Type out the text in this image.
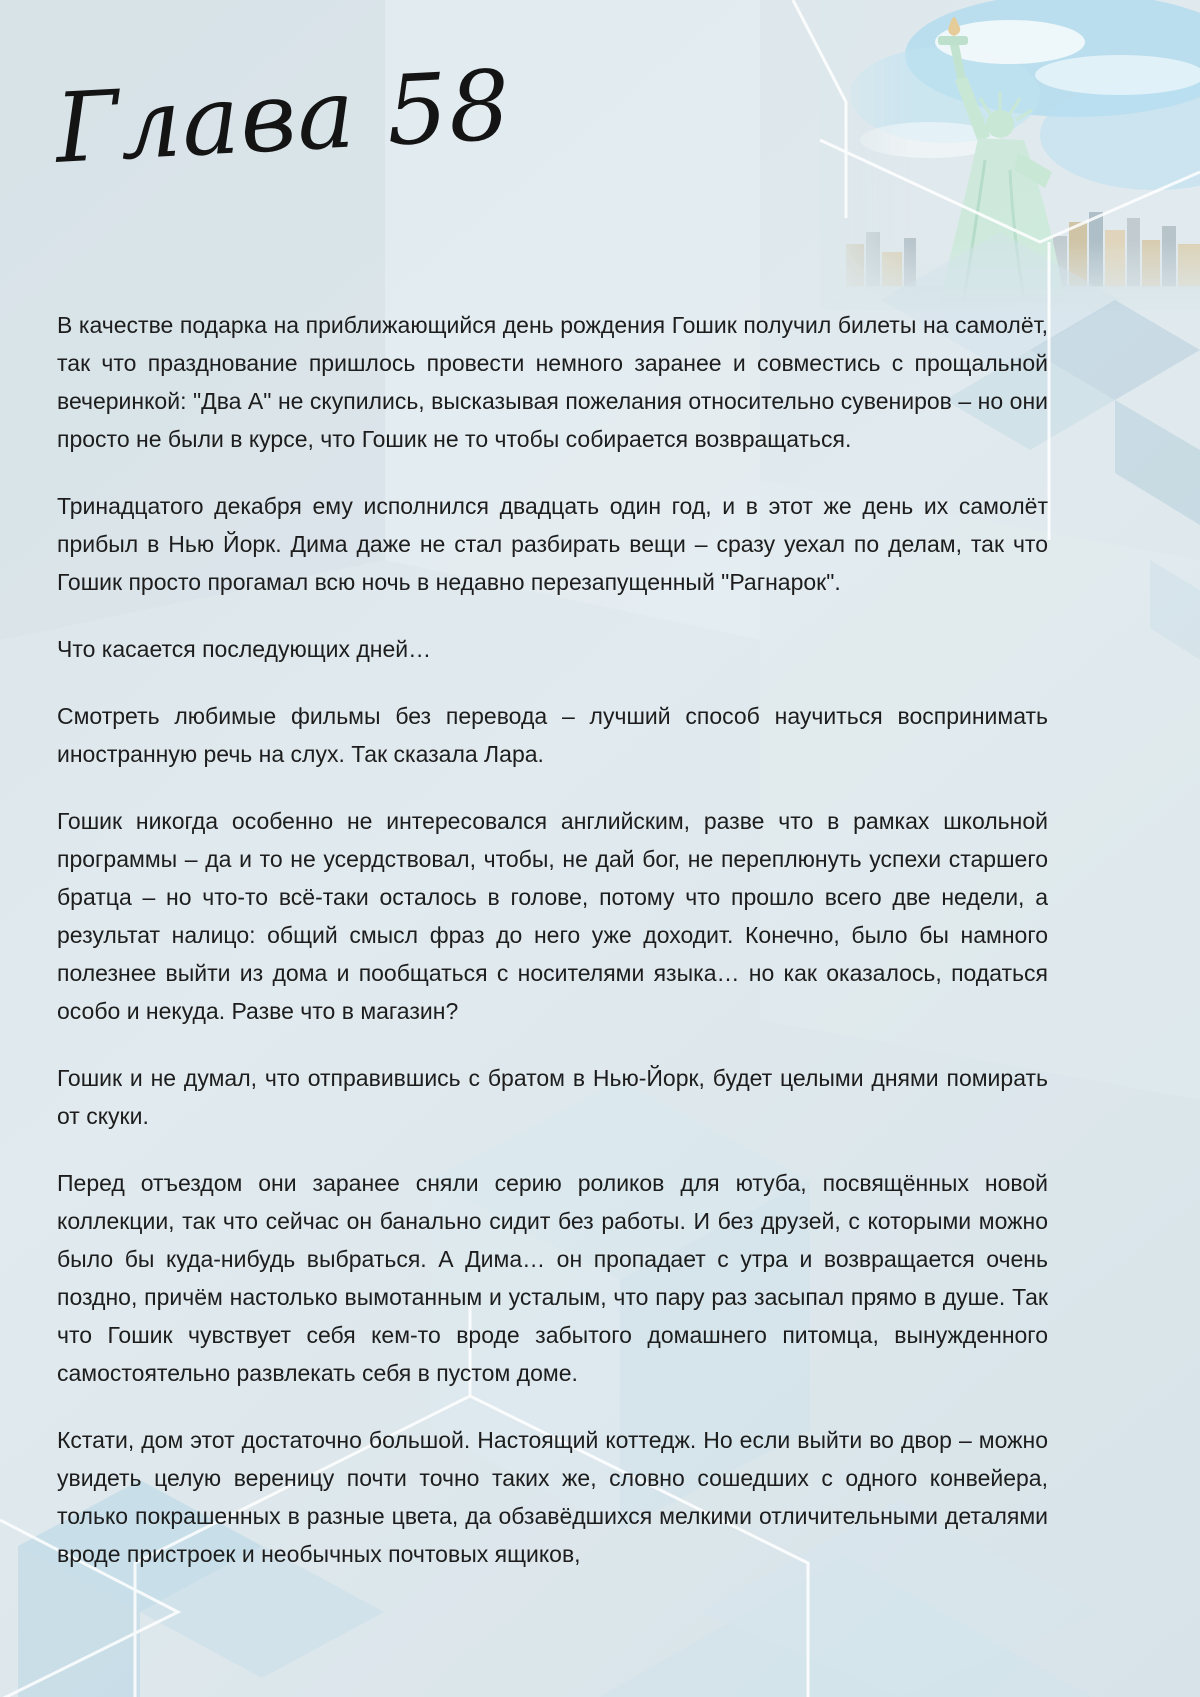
Глава 58

В качестве подарка на приближающийся день рождения Гошик получил билеты на самолёт, так что празднование пришлось провести немного заранее и совместись с прощальной вечеринкой: "Два А" не скупились, высказывая пожелания относительно сувениров – но они просто не были в курсе, что Гошик не то чтобы собирается возвращаться.

Тринадцатого декабря ему исполнился двадцать один год, и в этот же день их самолёт прибыл в Нью Йорк. Дима даже не стал разбирать вещи – сразу уехал по делам, так что Гошик просто прогамал всю ночь в недавно перезапущенный "Рагнарок".

Что касается последующих дней…

Смотреть любимые фильмы без перевода – лучший способ научиться воспринимать иностранную речь на слух. Так сказала Лара.

Гошик никогда особенно не интересовался английским, разве что в рамках школьной программы – да и то не усердствовал, чтобы, не дай бог, не переплюнуть успехи старшего братца – но что-то всё-таки осталось в голове, потому что прошло всего две недели, а результат налицо: общий смысл фраз до него уже доходит. Конечно, было бы намного полезнее выйти из дома и пообщаться с носителями языка… но как оказалось, податься особо и некуда. Разве что в магазин?

Гошик и не думал, что отправившись с братом в Нью-Йорк, будет целыми днями помирать от скуки.

Перед отъездом они заранее сняли серию роликов для ютуба, посвящённых новой коллекции, так что сейчас он банально сидит без работы. И без друзей, с которыми можно было бы куда-нибудь выбраться. А Дима… он пропадает с утра и возвращается очень поздно, причём настолько вымотанным и усталым, что пару раз засыпал прямо в душе. Так что Гошик чувствует себя кем-то вроде забытого домашнего питомца, вынужденного самостоятельно развлекать себя в пустом доме.

Кстати, дом этот достаточно большой. Настоящий коттедж. Но если выйти во двор – можно увидеть целую вереницу почти точно таких же, словно сошедших с одного конвейера, только покрашенных в разные цвета, да обзавёдшихся мелкими отличительными деталями вроде пристроек и необычных почтовых ящиков,
